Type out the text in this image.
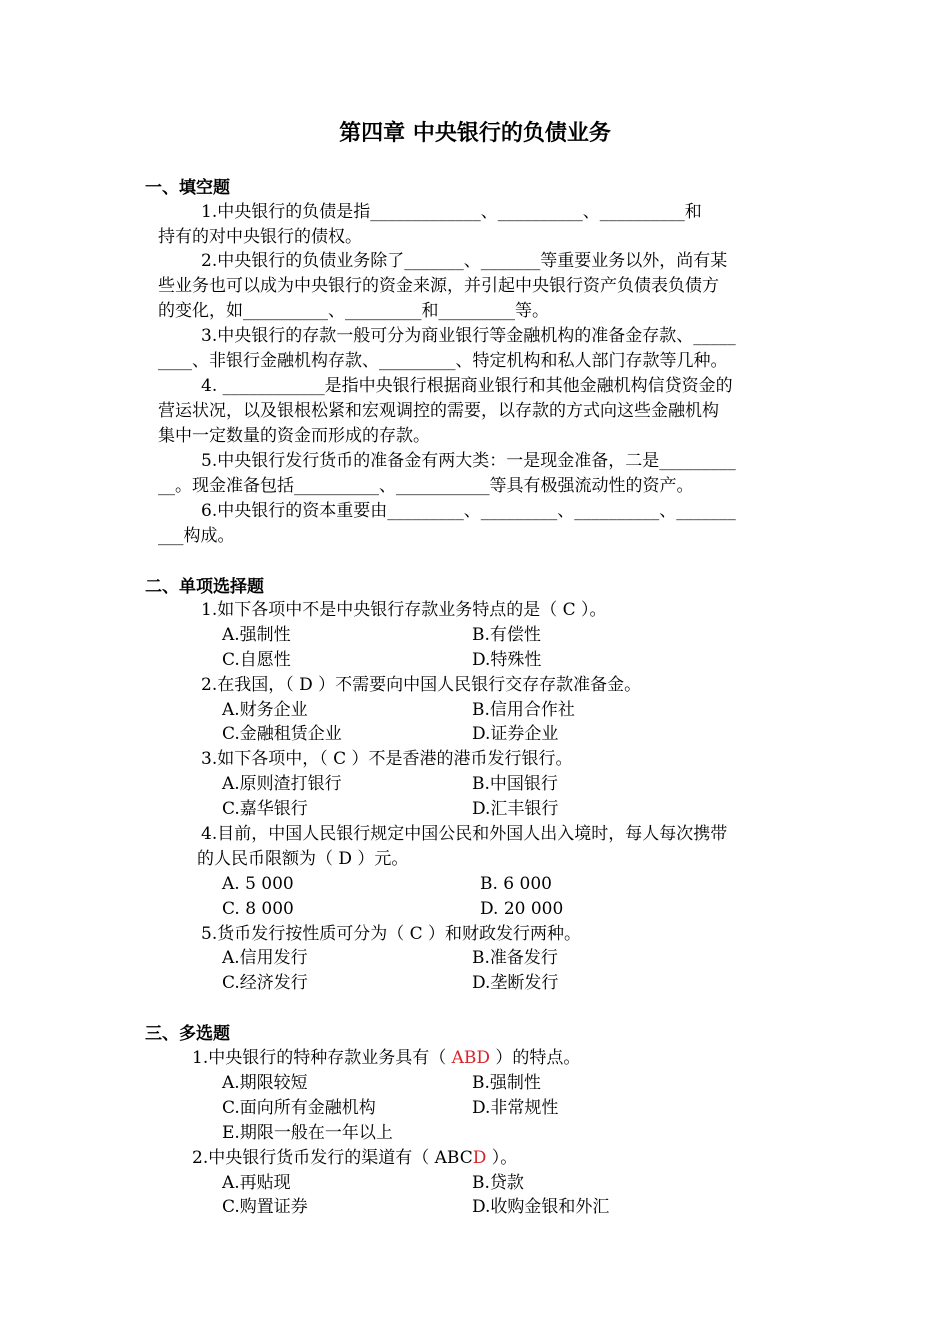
第四章 中央银行的负债业务
一、填空题
1.中央银行的负债是指_____________、__________、__________和
持有的对中央银行的债权。
2.中央银行的负债业务除了_______、_______等重要业务以外，尚有某
些业务也可以成为中央银行的资金来源，并引起中央银行资产负债表负债方
的变化，如__________、_________和_________等。
3.中央银行的存款一般可分为商业银行等金融机构的准备金存款、_____
____、非银行金融机构存款、_________、特定机构和私人部门存款等几种。
4. ____________是指中央银行根据商业银行和其他金融机构信贷资金的
营运状况，以及银根松紧和宏观调控的需要，以存款的方式向这些金融机构
集中一定数量的资金而形成的存款。
5.中央银行发行货币的准备金有两大类：一是现金准备，二是_________
__。现金准备包括__________、___________等具有极强流动性的资产。
6.中央银行的资本重要由_________、_________、__________、_______
___构成。
二、单项选择题
1.如下各项中不是中央银行存款业务特点的是（ C ）。
A.强制性	B.有偿性
C.自愿性	D.特殊性
2.在我国，（ D ）不需要向中国人民银行交存存款准备金。
A.财务企业	B.信用合作社
C.金融租赁企业	D.证券企业
3.如下各项中，（ C ）不是香港的港币发行银行。
A.原则渣打银行	B.中国银行
C.嘉华银行	D.汇丰银行
4.目前，中国人民银行规定中国公民和外国人出入境时，每人每次携带
的人民币限额为（ D ）元。
A. 5 000	B. 6 000
C. 8 000	D. 20 000
5.货币发行按性质可分为（ C ）和财政发行两种。
A.信用发行	B.准备发行
C.经济发行	D.垄断发行
三、多选题
1.中央银行的特种存款业务具有（ ABD ）的特点。
A.期限较短	B.强制性
C.面向所有金融机构	D.非常规性
E.期限一般在一年以上
2.中央银行货币发行的渠道有（ ABCD ）。
A.再贴现	B.贷款
C.购置证券	D.收购金银和外汇
